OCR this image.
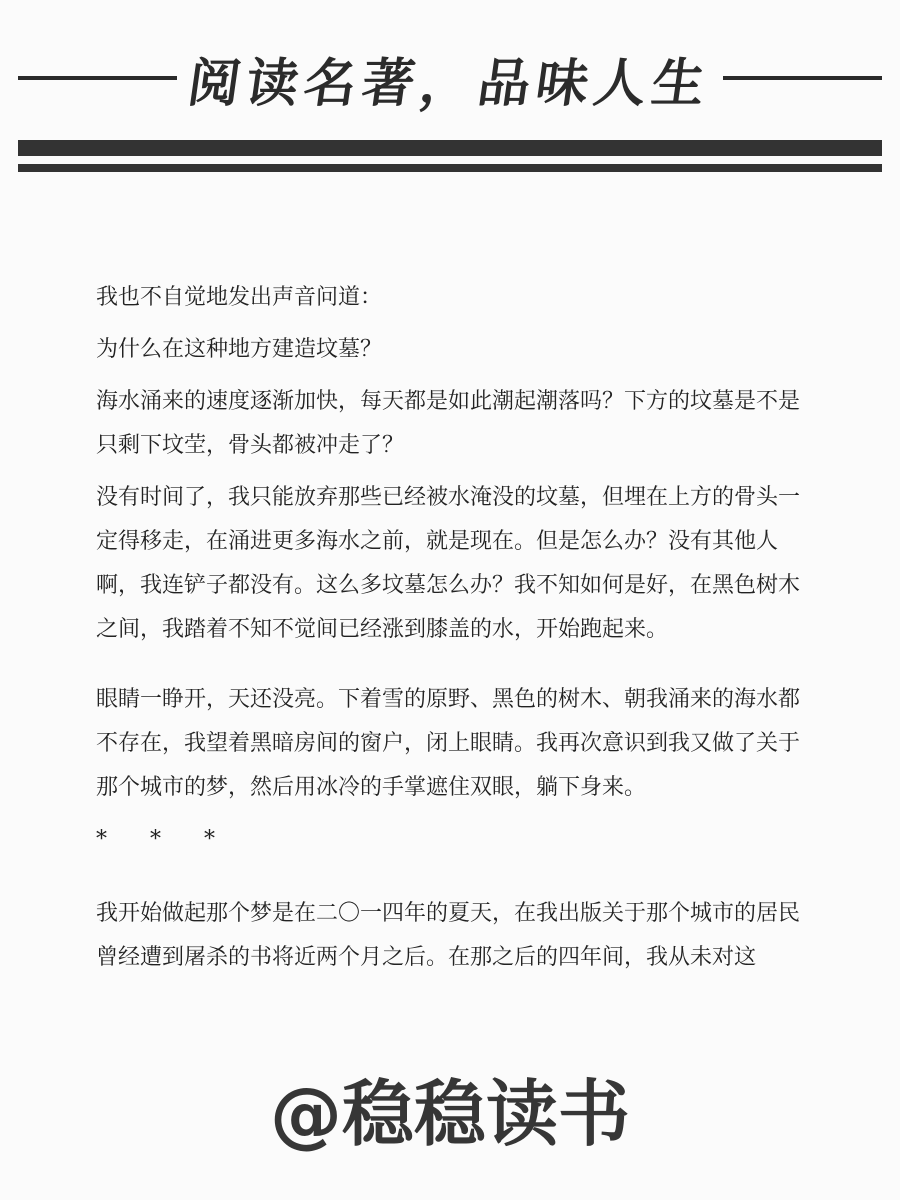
阅读名著，品味人生

我也不自觉地发出声音问道：

为什么在这种地方建造坟墓？

海水涌来的速度逐渐加快，每天都是如此潮起潮落吗？下方的坟墓是不是只剩下坟茔，骨头都被冲走了？

没有时间了，我只能放弃那些已经被水淹没的坟墓，但埋在上方的骨头一定得移走，在涌进更多海水之前，就是现在。但是怎么办？没有其他人啊，我连铲子都没有。这么多坟墓怎么办？我不知如何是好，在黑色树木之间，我踏着不知不觉间已经涨到膝盖的水，开始跑起来。

眼睛一睁开，天还没亮。下着雪的原野、黑色的树木、朝我涌来的海水都不存在，我望着黑暗房间的窗户，闭上眼睛。我再次意识到我又做了关于那个城市的梦，然后用冰冷的手掌遮住双眼，躺下身来。

* * *

我开始做起那个梦是在二〇一四年的夏天，在我出版关于那个城市的居民曾经遭到屠杀的书将近两个月之后。在那之后的四年间，我从未对这

@稳稳读书
